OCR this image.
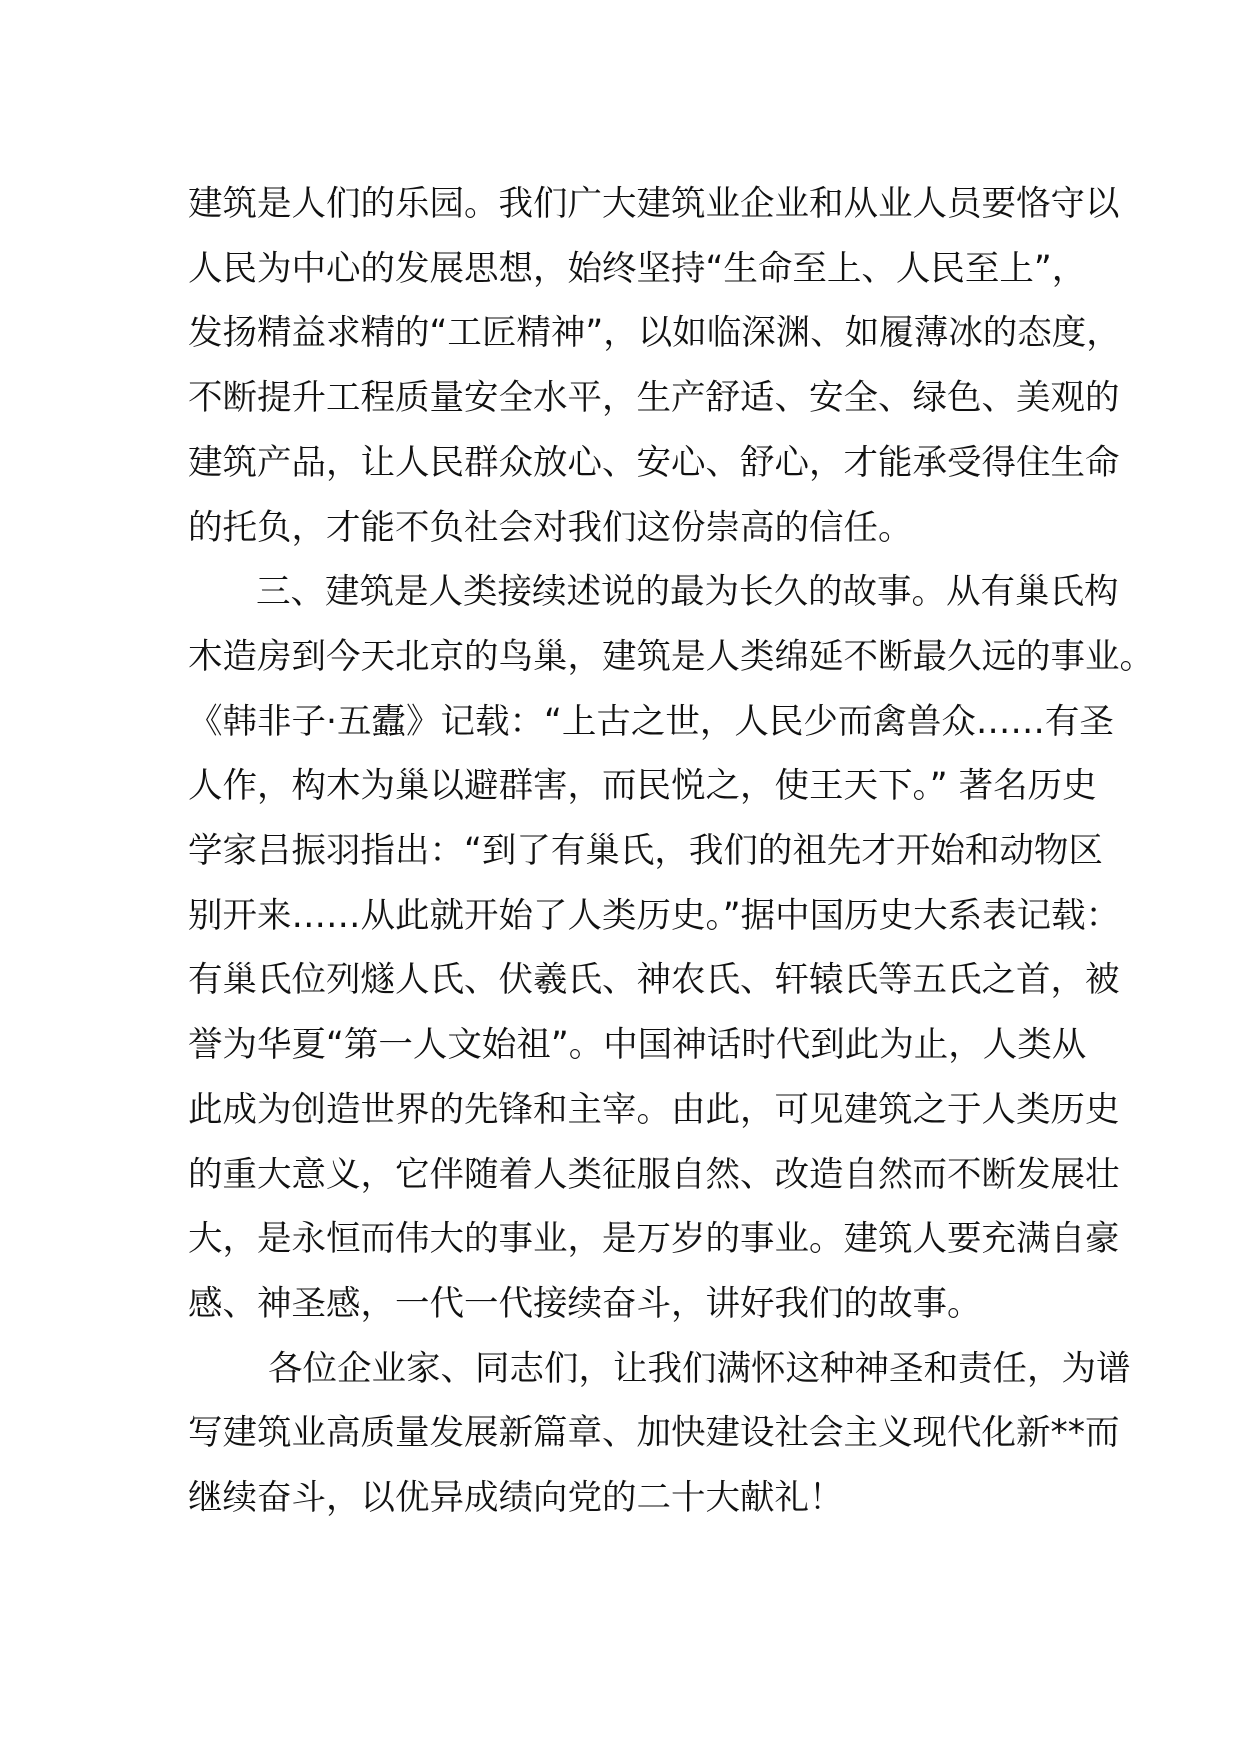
建筑是人们的乐园。我们广大建筑业企业和从业人员要恪守以
人民为中心的发展思想，始终坚持“生命至上、人民至上”，
发扬精益求精的“工匠精神”，以如临深渊、如履薄冰的态度，
不断提升工程质量安全水平，生产舒适、安全、绿色、美观的
建筑产品，让人民群众放心、安心、舒心，才能承受得住生命
的托负，才能不负社会对我们这份崇高的信任。

三、建筑是人类接续述说的最为长久的故事。从有巢氏构
木造房到今天北京的鸟巢，建筑是人类绵延不断最久远的事业。
《韩非子·五蠹》记载：“上古之世，人民少而禽兽众……有圣
人作，构木为巢以避群害，而民悦之，使王天下。” 著名历史
学家吕振羽指出：“到了有巢氏，我们的祖先才开始和动物区
别开来……从此就开始了人类历史。”据中国历史大系表记载：
有巢氏位列燧人氏、伏羲氏、神农氏、轩辕氏等五氏之首，被
誉为华夏“第一人文始祖”。中国神话时代到此为止，人类从
此成为创造世界的先锋和主宰。由此，可见建筑之于人类历史
的重大意义，它伴随着人类征服自然、改造自然而不断发展壮
大，是永恒而伟大的事业，是万岁的事业。建筑人要充满自豪
感、神圣感，一代一代接续奋斗，讲好我们的故事。

各位企业家、同志们，让我们满怀这种神圣和责任，为谱
写建筑业高质量发展新篇章、加快建设社会主义现代化新**而
继续奋斗，以优异成绩向党的二十大献礼！
